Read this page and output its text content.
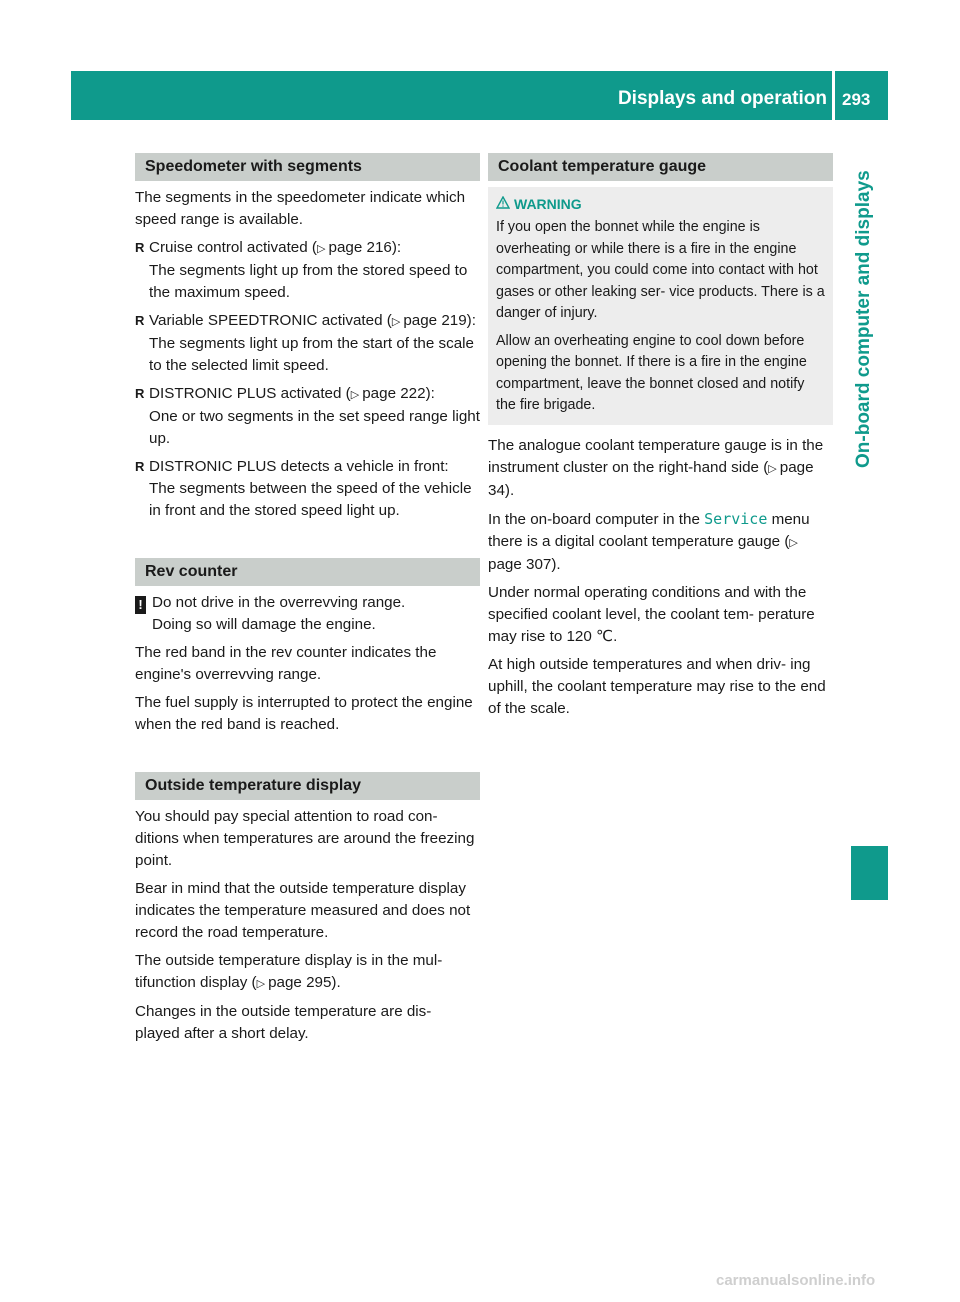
Displays and operation 293
On-board computer and displays
Speedometer with segments

The segments in the speedometer indicate which speed range is available.

R Cruise control activated (▷  page 216):

The segments light up from the stored speed to the maximum speed.

R Variable SPEEDTRONIC activated (▷  page 219):

The segments light up from the start of the scale to the selected limit speed.

R DISTRONIC PLUS activated (▷  page 222):

One or two segments in the set speed range light up.

R DISTRONIC PLUS detects a vehicle in front:

The segments between the speed of the vehicle in front and the stored speed light up.

Rev counter

! Do not drive in the overrevving range.

Doing so will damage the engine.

The red band in the rev counter indicates the engine's overrevving range.

The fuel supply is interrupted to protect the engine when the red band is reached.

Outside temperature display

You should pay special attention to road con- ditions when temperatures are around the freezing point.

Bear in mind that the outside temperature display indicates the temperature measured and does not record the road temperature.

The outside temperature display is in the mul- tifunction display (▷  page 295).

Changes in the outside temperature are dis- played after a short delay.

Coolant temperature gauge
WARNING

If you open the bonnet while the engine is overheating or while there is a fire in the engine compartment, you could come into contact with hot gases or other leaking ser- vice products. There is a danger of injury.

Allow an overheating engine to cool down before opening the bonnet. If there is a fire in the engine compartment, leave the bonnet closed and notify the fire brigade.

The analogue coolant temperature gauge is in the instrument cluster on the right-hand side (▷  page 34).

In the on-board computer in the Service menu there is a digital coolant temperature gauge (▷ page 307).

Under normal operating conditions and with the specified coolant level, the coolant tem- perature may rise to 120 ℃.

At high outside temperatures and when driv- ing uphill, the coolant temperature may rise to the end of the scale.

carmanualsonline.info
